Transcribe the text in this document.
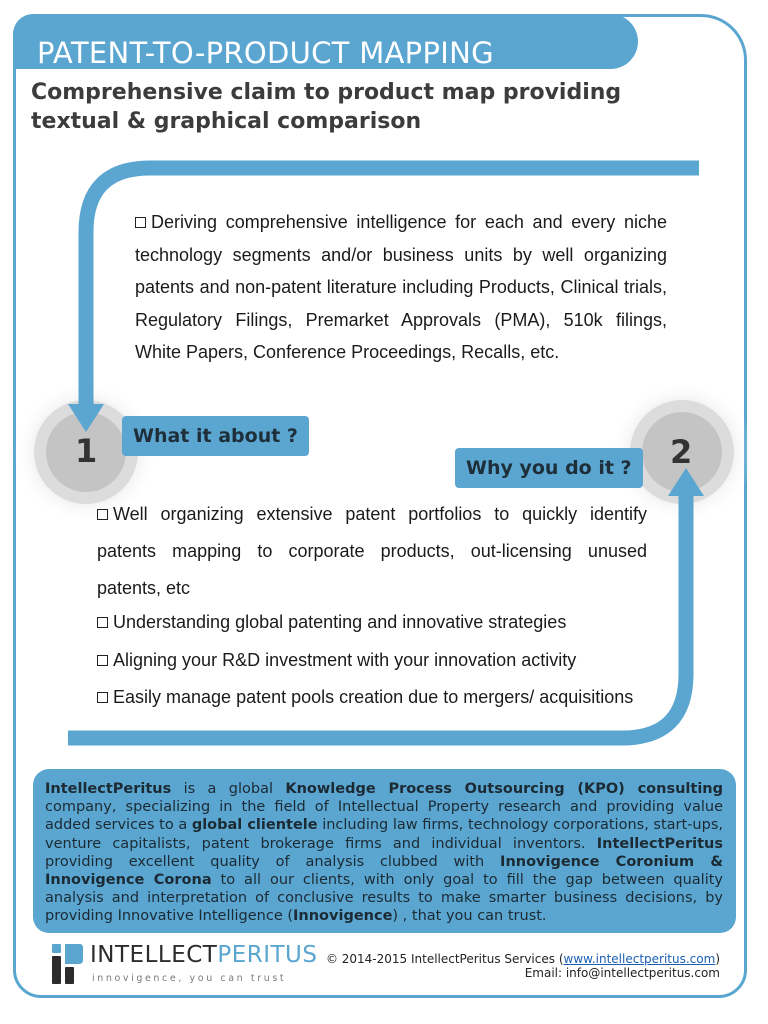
PATENT-TO-PRODUCT MAPPING
Comprehensive claim to product map providing textual & graphical comparison
Deriving comprehensive intelligence for each and every niche technology segments and/or business units by well organizing patents and non-patent literature including Products, Clinical trials, Regulatory Filings, Premarket Approvals (PMA), 510k filings, White Papers, Conference Proceedings, Recalls, etc.
1	2
What it about ?
Why you do it ?
Well organizing extensive patent portfolios to quickly identify patents mapping to corporate products, out-licensing unused patents, etc
Understanding global patenting and innovative strategies
Aligning your R&D investment with your innovation activity
Easily manage patent pools creation due to mergers/ acquisitions
IntellectPeritus is a global Knowledge Process Outsourcing (KPO) consulting company, specializing in the field of Intellectual Property research and providing value added services to a global clientele including law firms, technology corporations, start-ups, venture capitalists, patent brokerage firms and individual inventors. IntellectPeritus providing excellent quality of analysis clubbed with Innovigence Coronium & Innovigence Corona to all our clients, with only goal to fill the gap between quality analysis and interpretation of conclusive results to make smarter business decisions, by providing Innovative Intelligence (Innovigence) , that you can trust.
INTELLECTPERITUS
innovigence, you can trust
© 2014-2015 IntellectPeritus Services (www.intellectperitus.com)
Email: info@intellectperitus.com
